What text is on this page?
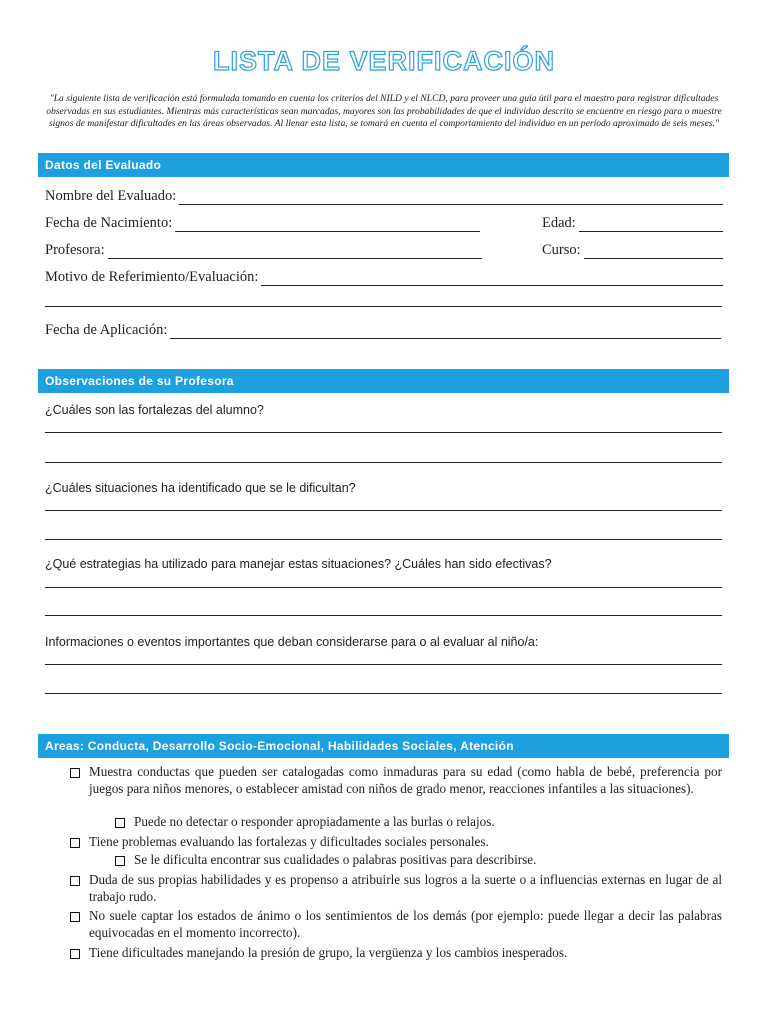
LISTA DE VERIFICACIÓN
"La siguiente lista de verificación está formulada tomando en cuenta los criterios del NILD y el NLCD, para proveer una guía útil para el maestro para registrar dificultades observadas en sus estudiantes. Mientras más características sean marcadas, mayores son las probabilidades de que el individuo descrito se encuentre en riesgo para o muestre signos de manifestar dificultades en las áreas observadas. Al llenar esta lista, se tomará en cuenta el comportamiento del individuo en un período aproximado de seis meses."
Datos del Evaluado
Nombre del Evaluado:
Fecha de Nacimiento:	Edad:
Profesora:	Curso:
Motivo de Referimiento/Evaluación:
Fecha de Aplicación:
Observaciones de su Profesora
¿Cuáles son las fortalezas del alumno?
¿Cuáles situaciones ha identificado que se le dificultan?
¿Qué estrategias ha utilizado para manejar estas situaciones? ¿Cuáles han sido efectivas?
Informaciones o eventos importantes que deban considerarse para o al evaluar al niño/a:
Areas: Conducta, Desarrollo Socio-Emocional, Habilidades Sociales, Atención
Muestra conductas que pueden ser catalogadas como inmaduras para su edad (como habla de bebé, preferencia por juegos para niños menores, o establecer amistad con niños de grado menor, reacciones infantiles a las situaciones).
Puede no detectar o responder apropiadamente a las burlas o relajos.
Tiene problemas evaluando las fortalezas y dificultades sociales personales.
Se le dificulta encontrar sus cualidades o palabras positivas para describirse.
Duda de sus propias habilidades y es propenso a atribuirle sus logros a la suerte o a influencias externas en lugar de al trabajo rudo.
No suele captar los estados de ánimo o los sentimientos de los demás (por ejemplo: puede llegar a decir las palabras equivocadas en el momento incorrecto).
Tiene dificultades manejando la presión de grupo, la vergüenza y los cambios inesperados.
